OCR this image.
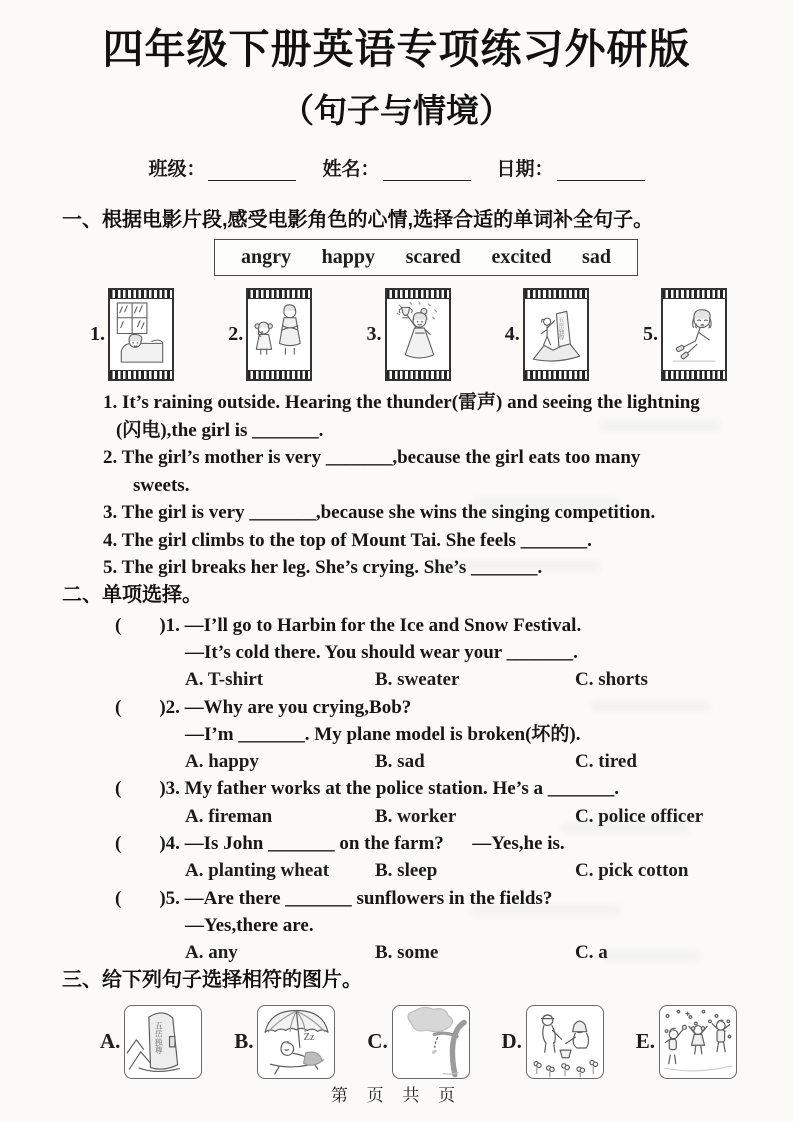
四年级下册英语专项练习外研版
（句子与情境）
班级：	姓名：	日期：
一、根据电影片段,感受电影角色的心情,选择合适的单词补全句子。
angry happy scared excited sad
1.	2.	3.	4.	五岳独尊	5.
1. It’s raining outside. Hearing the thunder(雷声) and seeing the lightning
(闪电),the girl is _______.
2. The girl’s mother is very _______,because the girl eats too many
sweets.
3. The girl is very _______,because she wins the singing competition.
4. The girl climbs to the top of Mount Tai. She feels _______.
5. The girl breaks her leg. She’s crying. She’s _______.
二、单项选择。
(        )1. —I’ll go to Harbin for the Ice and Snow Festival.
—It’s cold there. You should wear your _______.
A. T-shirt	B. sweater	C. shorts
(        )2. —Why are you crying,Bob?
—I’m _______. My plane model is broken(坏的).
A. happy	B. sad	C. tired
(        )3. My father works at the police station. He’s a _______.
A. fireman	B. worker	C. police officer
(        )4. —Is John _______ on the farm?      —Yes,he is.
A. planting wheat	B. sleep	C. pick cotton
(        )5. —Are there _______ sunflowers in the fields?
—Yes,there are.
A. any	B. some	C. a
三、给下列句子选择相符的图片。
A.	五岳独尊	B.	Zz C.	D.	E.
第 页 共 页
